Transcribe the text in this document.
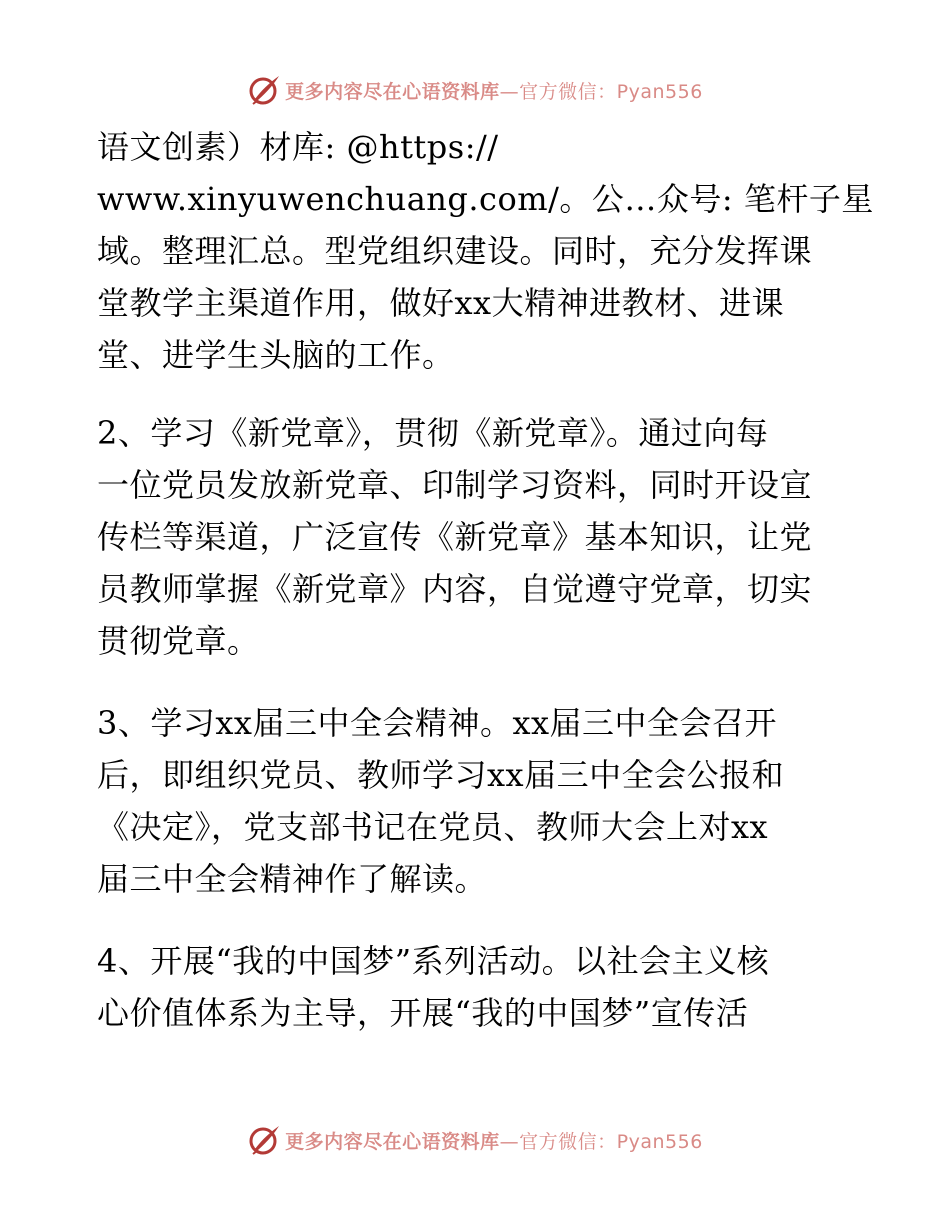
更多内容尽在心语资料库—官方微信：Pyan556

语文创素）材库: @https://
www.xinyuwenchuang.com/。公…众号: 笔杆子星
域。整理汇总。型党组织建设。同时，充分发挥课
堂教学主渠道作用，做好xx大精神进教材、进课
堂、进学生头脑的工作。

2、学习《新党章》，贯彻《新党章》。通过向每
一位党员发放新党章、印制学习资料，同时开设宣
传栏等渠道，广泛宣传《新党章》基本知识，让党
员教师掌握《新党章》内容，自觉遵守党章，切实
贯彻党章。

3、学习xx届三中全会精神。xx届三中全会召开
后，即组织党员、教师学习xx届三中全会公报和
《决定》，党支部书记在党员、教师大会上对xx
届三中全会精神作了解读。

4、开展“我的中国梦”系列活动。以社会主义核
心价值体系为主导，开展“我的中国梦”宣传活

更多内容尽在心语资料库—官方微信：Pyan556
